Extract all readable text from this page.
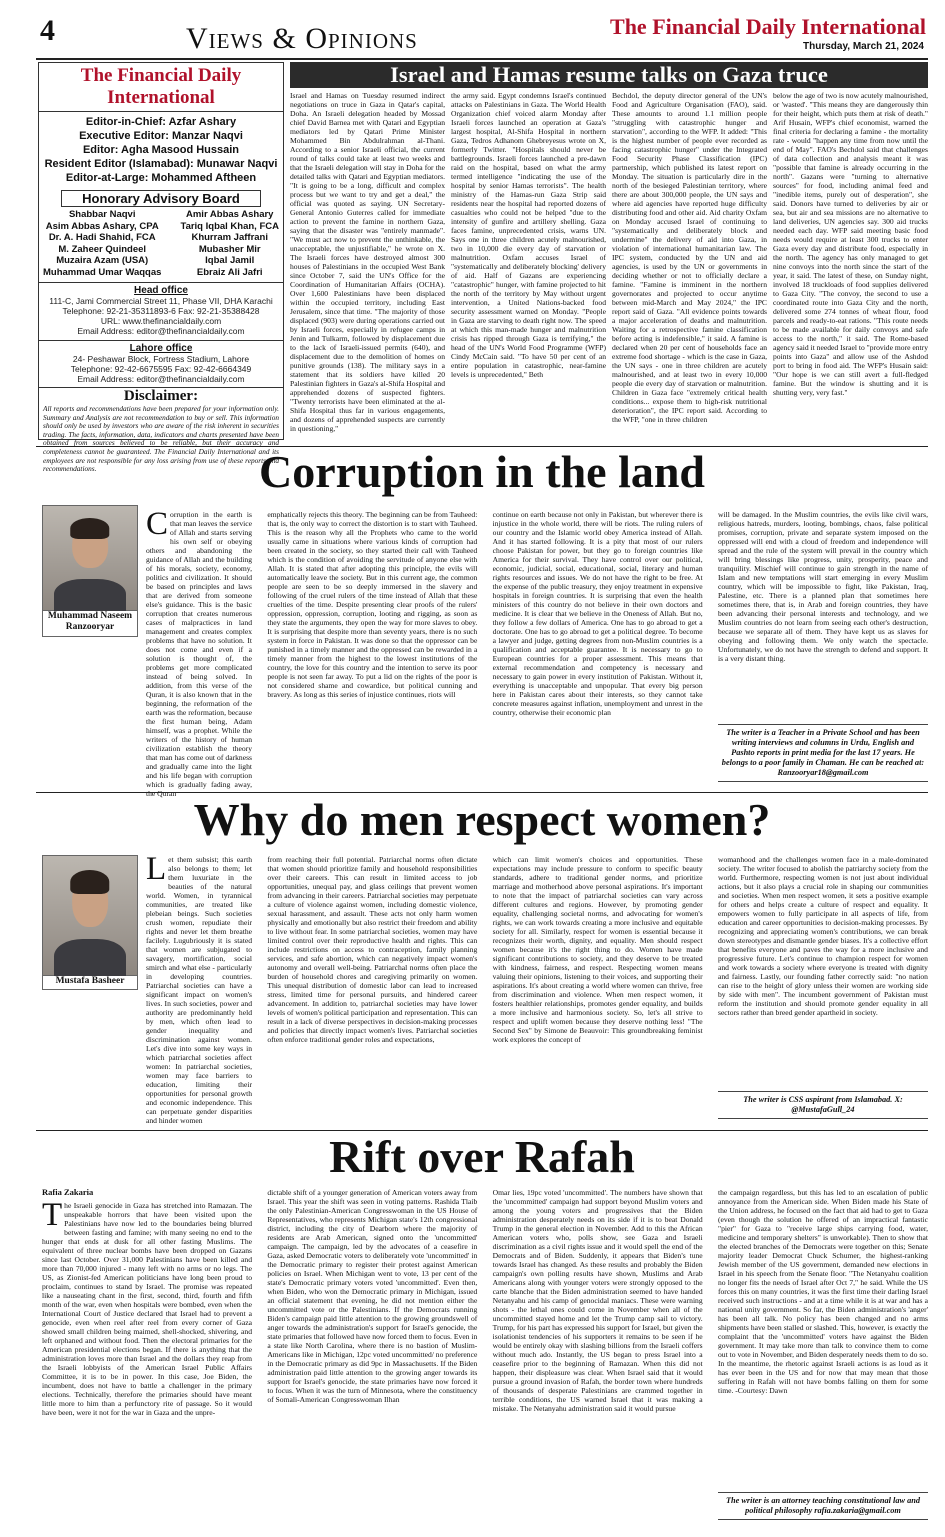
4	Views & Opinions	The Financial Daily International
Thursday, March 21, 2024
The Financial Daily International
Editor-in-Chief: Azfar Ashary
Executive Editor: Manzar Naqvi
Editor: Agha Masood Hussain
Resident Editor (Islamabad): Munawar Naqvi
Editor-at-Large: Mohammed Aftheen
Honorary Advisory Board
Shabbar Naqvi
Asim Abbas Ashary, CPA
Dr. A. Hadi Shahid, FCA
M. Zaheer Quindeel
Muzaira Azam (USA)
Muhammad Umar Waqqas
Amir Abbas Ashary
Tariq Iqbal Khan, FCA
Khurram Jaffrani
Mubasher Mir
Iqbal Jamil
Ebraiz Ali Jafri
Head office
111-C, Jami Commercial Street 11, Phase VII, DHA Karachi
Telephone: 92-21-35311893-6 Fax: 92-21-35388428
URL: www.thefinancialdaily.com
Email Address: editor@thefinancialdaily.com
Lahore office
24- Peshawar Block, Fortress Stadium, Lahore
Telephone: 92-42-6675595 Fax: 92-42-6664349
Email Address: editor@thefinancialdaily.com
Disclaimer:
All reports and recommendations have been prepared for your information only. Summary and Analysis are not recommendation to buy or sell. This information should only be used by investors who are aware of the risk inherent in securities trading. The facts, information, data, indicators and charts presented have been obtained from sources believed to be reliable, but their accuracy and completeness cannot be guaranteed. The Financial Daily International and its employees are not responsible for any loss arising from use of these reports and recommendations.
Israel and Hamas resume talks on Gaza truce
Israel and Hamas on Tuesday resumed indirect negotiations on truce in Gaza in Qatar's capital, Doha. An Israeli delegation headed by Mossad chief David Barnea met with Qatari and Egyptian mediators led by Qatari Prime Minister Mohammed Bin Abdulrahman al-Thani. According to a senior Israeli official, the current round of talks could take at least two weeks and that the Israeli delegation will stay in Doha for the detailed talks with Qatari and Egyptian mediators. "It is going to be a long, difficult and complex process but we want to try and get a deal," the official was quoted as saying. UN Secretary-General Antonio Guterres called for immediate action to prevent the famine in northern Gaza, saying that the disaster was "entirely manmade". "We must act now to prevent the unthinkable, the unacceptable, the unjustifiable," he wrote on X. The Israeli forces have destroyed almost 300 houses of Palestinians in the occupied West Bank since October 7, said the UN's Office for the Coordination of Humanitarian Affairs (OCHA). Over 1,600 Palestinians have been displaced within the occupied territory, including East Jerusalem, since that time. "The majority of those displaced (903) were during operations carried out by Israeli forces, especially in refugee camps in Jenin and Tulkarm, followed by displacement due to the lack of Israeli-issued permits (640), and displacement due to the demolition of homes on punitive grounds (138). The military says in a statement that its soldiers have killed 20 Palestinian fighters in Gaza's al-Shifa Hospital and apprehended dozens of suspected fighters. "Twenty terrorists have been eliminated at the al-Shifa Hospital thus far in various engagements, and dozens of apprehended suspects are currently in questioning,"
the army said. Egypt condemns Israel's continued attacks on Palestinians in Gaza. The World Health Organization chief voiced alarm Monday after Israeli forces launched an operation at Gaza's largest hospital, Al-Shifa Hospital in northern Gaza, Tedros Adhanom Ghebreyesus wrote on X, formerly Twitter. "Hospitals should never be battlegrounds. Israeli forces launched a pre-dawn raid on the hospital, based on what the army termed intelligence "indicating the use of the hospital by senior Hamas terrorists". The health ministry of the Hamas-run Gaza Strip said residents near the hospital had reported dozens of casualties who could not be helped "due to the intensity of gunfire and artillery shelling. Gaza faces famine, unprecedented crisis, warns UN. Says one in three children acutely malnourished, two in 10,000 die every day of starvation or malnutrition. Oxfam accuses Israel of "systematically and deliberately blocking' delivery of aid. Half of Gazans are experiencing "catastrophic" hunger, with famine projected to hit the north of the territory by May without urgent intervention, a United Nations-backed food security assessment warned on Monday. "People in Gaza are starving to death right now. The speed at which this man-made hunger and malnutrition crisis has ripped through Gaza is terrifying," the head of the UN's World Food Programme (WFP) Cindy McCain said. "To have 50 per cent of an entire population in catastrophic, near-famine levels is unprecedented," Beth
Bechdol, the deputy director general of the UN's Food and Agriculture Organisation (FAO), said. These amounts to around 1.1 million people "struggling with catastrophic hunger and starvation", according to the WFP. It added: "This is the highest number of people ever recorded as facing catastrophic hunger" under the Integrated Food Security Phase Classification (IPC) partnership, which published its latest report on Monday. The situation is particularly dire in the north of the besieged Palestinian territory, where there are about 300,000 people, the UN says and where aid agencies have reported huge difficulty distributing food and other aid. Aid charity Oxfam on Monday accused Israel of continuing to "systematically and deliberately block and undermine" the delivery of aid into Gaza, in violation of international humanitarian law. The IPC system, conducted by the UN and aid agencies, is used by the UN or governments in deciding whether or not to officially declare a famine. "Famine is imminent in the northern governorates and projected to occur anytime between mid-March and May 2024," the IPC report said of Gaza. "All evidence points towards a major acceleration of deaths and malnutrition. Waiting for a retrospective famine classification before acting is indefensible," it said. A famine is declared when 20 per cent of households face an extreme food shortage - which is the case in Gaza, the UN says - one in three children are acutely malnourished, and at least two in every 10,000 people die every day of starvation or malnutrition. Children in Gaza face "extremely critical health conditions... expose them to high-risk nutritional deterioration", the IPC report said. According to the WFP, "one in three children
below the age of two is now acutely malnourished, or 'wasted'. "This means they are dangerously thin for their height, which puts them at risk of death." Arif Husain, WFP's chief economist, warned the final criteria for declaring a famine - the mortality rate - would "happen any time from now until the end of May". FAO's Bechdol said that challenges of data collection and analysis meant it was "possible that famine is already occurring in the north". Gazans were "turning to alternative sources" for food, including animal feed and "inedible items, purely out of desperation", she said. Donors have turned to deliveries by air or sea, but air and sea missions are no alternative to land deliveries, UN agencies say. 300 aid trucks needed each day. WFP said meeting basic food needs would require at least 300 trucks to enter Gaza every day and distribute food, especially in the north. The agency has only managed to get nine convoys into the north since the start of the year, it said. The latest of these, on Sunday night, involved 18 truckloads of food supplies delivered to Gaza City. "The convoy, the second to use a coordinated route into Gaza City and the north, delivered some 274 tonnes of wheat flour, food parcels and ready-to-eat rations. "This route needs to be made available for daily convoys and safe access to the north," it said. The Rome-based agency said it needed Israel to "provide more entry points into Gaza" and allow use of the Ashdod port to bring in food aid. The WFP's Husain said: "Our hope is we can still avert a full-fledged famine. But the window is shutting and it is shutting very, very fast."
Corruption in the land
Muhammad Naseem Ranzooryar
Corruption in the earth is that man leaves the service of Allah and starts serving his own self or obeying others and abandoning the guidance of Allah and the building of his morals, society, economy, politics and civilization. It should be based on principles and laws that are derived from someone else's guidance. This is the basic corruption that creates numerous cases of malpractices in land management and creates complex problems that have no solution. It does not come and even if a solution is thought of, the problems get more complicated instead of being solved. In addition, from this verse of the Quran, it is also known that in the beginning, the reformation of the earth was the reformation, because the first human being, Adam himself, was a prophet. While the writers of the history of human civilization establish the theory that man has come out of darkness and gradually came into the light and his life began with corruption which is gradually fading away, the Quran
emphatically rejects this theory. The beginning can be from Tauheed: that is, the only way to correct the distortion is to start with Tauheed. This is the reason why all the Prophets who came to the world usually came in situations where various kinds of corruption had been created in the society, so they started their call with Tauheed which is the condition of avoiding the servitude of anyone else with Allah. It is stated that after adopting this principle, the evils will automatically leave the society. But in this current age, the common people are seen to be so deeply immersed in the slavery and following of the cruel rulers of the time instead of Allah that these cruelties of the time. Despite presenting clear proofs of the rulers' oppression, oppression, corruption, looting and rigging, as soon as they state the arguments, they open the way for more slaves to obey. It is surprising that despite more than seventy years, there is no such system in force in Pakistan. It was done so that the oppressor can be punished in a timely manner and the oppressed can be rewarded in a timely manner from the highest to the lowest institutions of the country, the love for this country and the intention to serve its poor people is not seen far away. To put a lid on the rights of the poor is not considered shame and cowardice, but political cunning and bravery. As long as this series of injustice continues, riots will
continue on earth because not only in Pakistan, but wherever there is injustice in the whole world, there will be riots. The ruling rulers of our country and the Islamic world obey America instead of Allah. And it has started following. It is a pity that most of our rulers choose Pakistan for power, but they go to foreign countries like America for their survival. They have control over our political, economic, judicial, social, educational, social, literary and human rights resources and issues. We do not have the right to be free. At the expense of the public treasury, they enjoy treatment in expensive hospitals in foreign countries. It is surprising that even the health ministers of this country do not believe in their own doctors and medicine. It is clear that we believe in the Oneness of Allah. But no, they follow a few dollars of America. One has to go abroad to get a doctorate. One has to go abroad to get a political degree. To become a lawyer and judge, getting degrees from non-Muslim countries is a qualification and acceptable guarantee. It is necessary to go to European countries for a proper assessment. This means that external recommendation and competency is necessary and necessary to gain power in every institution of Pakistan. Without it, everything is unacceptable and unpopular. That every big person here in Pakistan cares about their interests, so they cannot take concrete measures against inflation, unemployment and unrest in the country, otherwise their economic plan
will be damaged. In the Muslim countries, the evils like civil wars, religious hatreds, murders, looting, bombings, chaos, false political promises, corruption, private and separate system imposed on the oppressed will end with a cloud of freedom and independence will spread and the rule of the system will prevail in the country which will bring blessings like progress, unity, prosperity, peace and tranquility. Mischief will continue to gain strength in the name of Islam and new temptations will start emerging in every Muslim country, which will be impossible to fight, like Pakistan, Iraq, Palestine, etc. There is a planned plan that sometimes here sometimes there, that is, in Arab and foreign countries, they have been advancing their personal interests and technology, and we Muslim countries do not learn from seeing each other's destruction, because we separate all of them. They have kept us as slaves for obeying and following them. We only watch the spectacle. Unfortunately, we do not have the strength to defend and support. It is a very distant thing.
The writer is a Teacher in a Private School and has been writing interviews and columns in Urdu, English and Pashto reports in print media for the last 17 years. He belongs to a poor family in Chaman. He can be reached at: Ranzooryar18@gmail.com
Why do men respect women?
Mustafa Basheer
Let them subsist; this earth also belongs to them; let them luxuriate in the beauties of the natural world. Women, in tyrannical communities, are treated like plebeian beings. Such societies crush women, repudiate their rights and never let them breathe facilely. Lugubriously it is stated that women are subjugated to savagery, mortification, social smirch and what else - particularly in developing countries. Patriarchal societies can have a significant impact on women's lives. In such societies, power and authority are predominantly held by men, which often lead to gender inequality and discrimination against women. Let's dive into some key ways in which patriarchal societies affect women: In patriarchal societies, women may face barriers to education, limiting their opportunities for personal growth and economic independence. This can perpetuate gender disparities and hinder women
from reaching their full potential. Patriarchal norms often dictate that women should prioritize family and household responsibilities over their careers. This can result in limited access to job opportunities, unequal pay, and glass ceilings that prevent women from advancing in their careers. Patriarchal societies may perpetuate a culture of violence against women, including domestic violence, sexual harassment, and assault. These acts not only harm women physically and emotionally but also restrict their freedom and ability to live without fear. In some patriarchal societies, women may have limited control over their reproductive health and rights. This can include restrictions on access to contraception, family planning services, and safe abortion, which can negatively impact women's autonomy and overall well-being. Patriarchal norms often place the burden of household chores and caregiving primarily on women. This unequal distribution of domestic labor can lead to increased stress, limited time for personal pursuits, and hindered career advancement. In addition to, patriarchal societies may have lower levels of women's political participation and representation. This can result in a lack of diverse perspectives in decision-making processes and policies that directly impact women's lives. Patriarchal societies often enforce traditional gender roles and expectations,
which can limit women's choices and opportunities. These expectations may include pressure to conform to specific beauty standards, adhere to traditional gender norms, and prioritize marriage and motherhood above personal aspirations. It's important to note that the impact of patriarchal societies can vary across different cultures and regions. However, by promoting gender equality, challenging societal norms, and advocating for women's rights, we can work towards creating a more inclusive and equitable society for all. Similarly, respect for women is essential because it recognizes their worth, dignity, and equality. Men should respect women because it's the right thing to do. Women have made significant contributions to society, and they deserve to be treated with kindness, fairness, and respect. Respecting women means valuing their opinions, listening to their voices, and supporting their aspirations. It's about creating a world where women can thrive, free from discrimination and violence. When men respect women, it fosters healthier relationships, promotes gender equality, and builds a more inclusive and harmonious society. So, let's all strive to respect and uplift women because they deserve nothing less! "The Second Sex" by Simone de Beauvoir: This groundbreaking feminist work explores the concept of
womanhood and the challenges women face in a male-dominated society. The writer focused to abolish the patriarchy society from the world. Furthermore, respecting women is not just about individual actions, but it also plays a crucial role in shaping our communities and societies. When men respect women, it sets a positive example for others and helps create a culture of respect and equality. It empowers women to fully participate in all aspects of life, from education and career opportunities to decision-making processes. By recognizing and appreciating women's contributions, we can break down stereotypes and dismantle gender biases. It's a collective effort that benefits everyone and paves the way for a more inclusive and progressive future. Let's continue to champion respect for women and work towards a society where everyone is treated with dignity and fairness. Lastly, our founding father correctly said: "no nation can rise to the height of glory unless their women are working side by side with men". The incumbent government of Pakistan must reform the institution and should promote gender equality in all sectors rather than breed gender apartheid in society.
The writer is CSS aspirant from Islamabad. X: @MustafaGull_24
Rift over Rafah
Rafia Zakaria
The Israeli genocide in Gaza has stretched into Ramazan. The unspeakable horrors that have been visited upon the Palestinians have now led to the boundaries being blurred between fasting and famine; with many seeing no end to the hunger that ends at dusk for all other fasting Muslims. The equivalent of three nuclear bombs have been dropped on Gazans since last October. Over 31,000 Palestinians have been killed and more than 70,000 injured - many left with no arms or no legs. The US, as Zionist-fed American politicians have long been proud to proclaim, continues to stand by Israel. The promise was repeated like a nauseating chant in the first, second, third, fourth and fifth month of the war, even when hospitals were bombed, even when the International Court of Justice declared that Israel had to prevent a genocide, even when reel after reel from every corner of Gaza showed small children being maimed, shell-shocked, shivering, and left orphaned and without food. Then the electoral primaries for the American presidential elections began. If there is anything that the administration loves more than Israel and the dollars they reap from the Israeli lobbyists of the American Israel Public Affairs Committee, it is to be in power. In this case, Joe Biden, the incumbent, does not have to battle a challenger in the primary elections. Technically, therefore the primaries should have meant little more to him than a perfunctory rite of passage. So it would have been, were it not for the war in Gaza and the unpre-
dictable shift of a younger generation of American voters away from Israel. This year the shift was seen in voting patterns. Rashida Tlaib the only Palestinian-American Congresswoman in the US House of Representatives, who represents Michigan state's 12th congressional district, including the city of Dearborn where the majority of residents are Arab American, signed onto the 'uncommitted' campaign. The campaign, led by the advocates of a ceasefire in Gaza, asked Democratic voters to deliberately vote 'uncommitted' in the Democratic primary to register their protest against American policies on Israel. When Michigan went to vote, 13 per cent of the state's Democratic primary voters voted 'uncommitted'. Even then, when Biden, who won the Democratic primary in Michigan, issued an official statement that evening, he did not mention either the uncommitted vote or the Palestinians. If the Democrats running Biden's campaign paid little attention to the growing groundswell of anger towards the administration's support for Israel's genocide, the state primaries that followed have now forced them to focus. Even in a state like North Carolina, where there is no bastion of Muslim-Americans like in Michigan, 12pc voted uncommitted/ no preference in the Democratic primary as did 9pc in Massachusetts. If the Biden administration paid little attention to the growing anger towards its support for Israel's genocide, the state primaries have now forced it to focus. When it was the turn of Minnesota, where the constituency of Somali-American Congresswoman Ilhan
Omar lies, 19pc voted 'uncommitted'. The numbers have shown that the 'uncommitted' campaign had support beyond Muslim voters and among the young voters and progressives that the Biden administration desperately needs on its side if it is to beat Donald Trump in the general election in November. Add to this the African American voters who, polls show, see Gaza and Israeli discrimination as a civil rights issue and it would spell the end of the Democrats and of Biden. Suddenly, it appears that Biden's tune towards Israel has changed. As these results and probably the Biden campaign's own polling results have shown, Muslims and Arab Americans along with younger voters were strongly opposed to the carte blanche that the Biden administration seemed to have handed Netanyahu and his camp of genocidal maniacs. These were warning shots - the lethal ones could come in November when all of the uncommitted stayed home and let the Trump camp sail to victory. Trump, for his part has expressed his support for Israel, but given the isolationist tendencies of his supporters it remains to be seen if he would be entirely okay with slashing billions from the Israeli coffers without much ado. Instantly, the US began to press Israel into a ceasefire prior to the beginning of Ramazan. When this did not happen, their displeasure was clear. When Israel said that it would pursue a ground invasion of Rafah, the border town where hundreds of thousands of desperate Palestinians are crammed together in terrible conditions, the US warned Israel that it was making a mistake. The Netanyahu administration said it would pursue
the campaign regardless, but this has led to an escalation of public annoyance from the American side. When Biden made his State of the Union address, he focused on the fact that aid had to get to Gaza (even though the solution he offered of an impractical fantastic "pier" for Gaza to "receive large ships carrying food, water, medicine and temporary shelters" is unworkable). Then to show that the elected branches of the Democrats were together on this; Senate majority leader Democrat Chuck Schumer, the highest-ranking Jewish member of the US government, demanded new elections in Israel in his speech from the Senate floor. "The Netanyahu coalition no longer fits the needs of Israel after Oct 7," he said. While the US forces this on many countries, it was the first time their darling Israel received such instructions - and at a time while it is at war and has a national unity government. So far, the Biden administration's 'anger' has been all talk. No policy has been changed and no arms shipments have been stalled or slashed. This, however, is exactly the complaint that the 'uncommitted' voters have against the Biden government. It may take more than talk to convince them to come out to vote in November, and Biden desperately needs them to do so. In the meantime, the rhetoric against Israeli actions is as loud as it has ever been in the US and for now that may mean that those suffering in Rafah will not have bombs falling on them for some time. -Courtesy: Dawn
The writer is an attorney teaching constitutional law and political philosophy rafia.zakaria@gmail.com
